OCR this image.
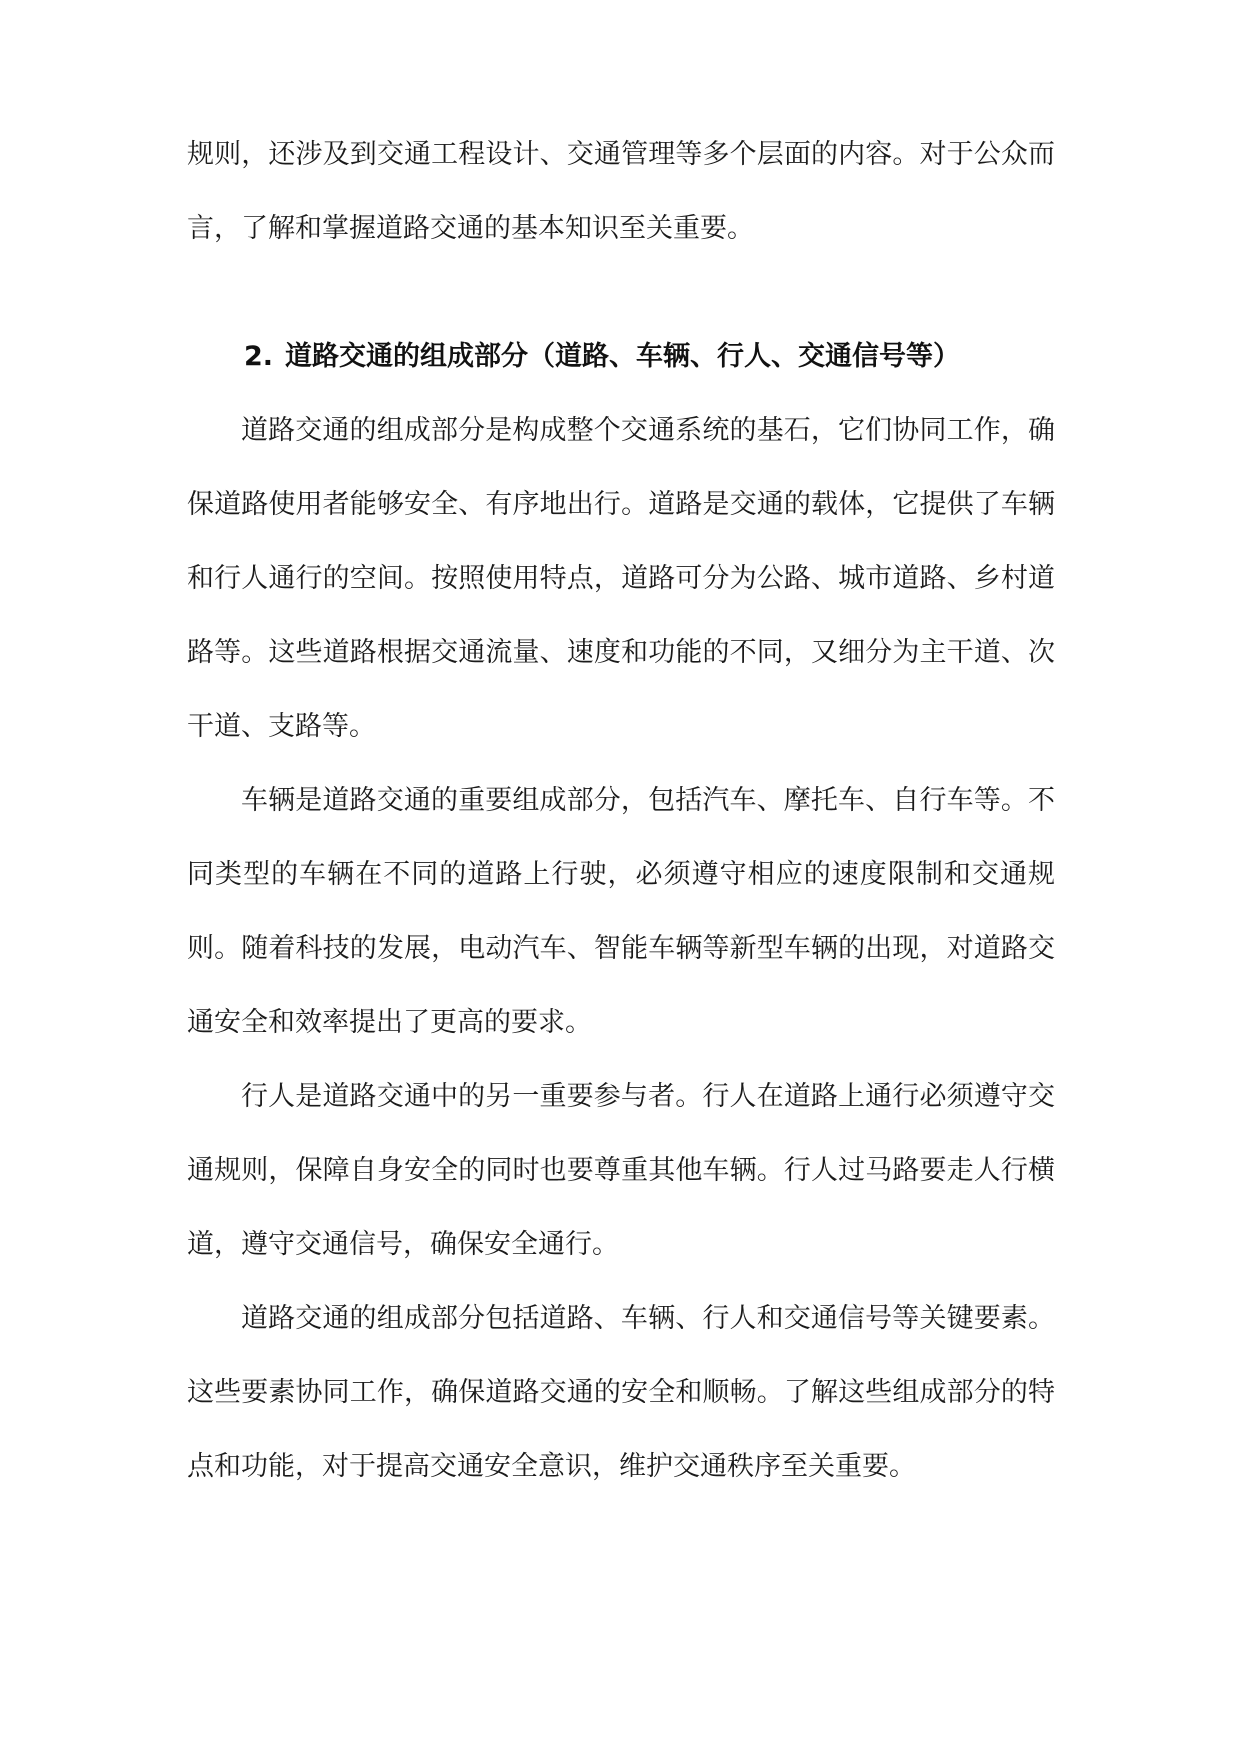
规则，还涉及到交通工程设计、交通管理等多个层面的内容。对于公众而言，了解和掌握道路交通的基本知识至关重要。

2. 道路交通的组成部分（道路、车辆、行人、交通信号等）

道路交通的组成部分是构成整个交通系统的基石，它们协同工作，确保道路使用者能够安全、有序地出行。道路是交通的载体，它提供了车辆和行人通行的空间。按照使用特点，道路可分为公路、城市道路、乡村道路等。这些道路根据交通流量、速度和功能的不同，又细分为主干道、次干道、支路等。

车辆是道路交通的重要组成部分，包括汽车、摩托车、自行车等。不同类型的车辆在不同的道路上行驶，必须遵守相应的速度限制和交通规则。随着科技的发展，电动汽车、智能车辆等新型车辆的出现，对道路交通安全和效率提出了更高的要求。

行人是道路交通中的另一重要参与者。行人在道路上通行必须遵守交通规则，保障自身安全的同时也要尊重其他车辆。行人过马路要走人行横道，遵守交通信号，确保安全通行。

道路交通的组成部分包括道路、车辆、行人和交通信号等关键要素。这些要素协同工作，确保道路交通的安全和顺畅。了解这些组成部分的特点和功能，对于提高交通安全意识，维护交通秩序至关重要。
